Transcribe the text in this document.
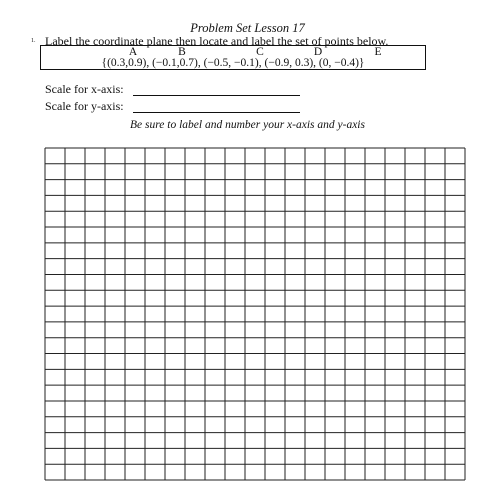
Problem Set Lesson 17
1. Label the coordinate plane then locate and label the set of points below.
A	B	C	D	E
{(0.3,0.9), (−0.1,0.7), (−0.5, −0.1), (−0.9, 0.3), (0, −0.4)}
Scale for x-axis:
Scale for y-axis:
Be sure to label and number your x-axis and y-axis
